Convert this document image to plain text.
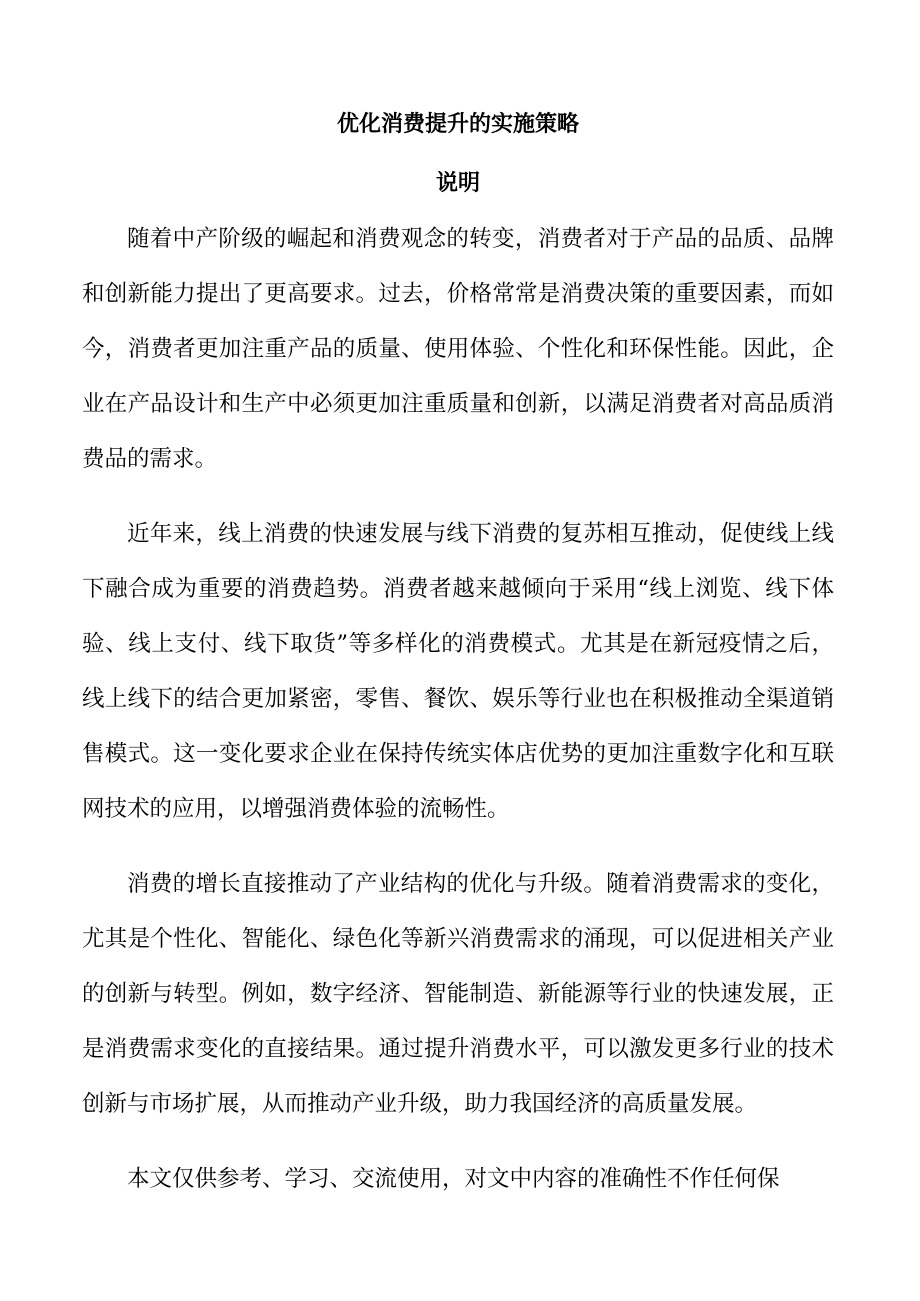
优化消费提升的实施策略
说明

随着中产阶级的崛起和消费观念的转变，消费者对于产品的品质、品牌和创新能力提出了更高要求。过去，价格常常是消费决策的重要因素，而如今，消费者更加注重产品的质量、使用体验、个性化和环保性能。因此，企业在产品设计和生产中必须更加注重质量和创新，以满足消费者对高品质消费品的需求。

近年来，线上消费的快速发展与线下消费的复苏相互推动，促使线上线下融合成为重要的消费趋势。消费者越来越倾向于采用“线上浏览、线下体验、线上支付、线下取货”等多样化的消费模式。尤其是在新冠疫情之后，线上线下的结合更加紧密，零售、餐饮、娱乐等行业也在积极推动全渠道销售模式。这一变化要求企业在保持传统实体店优势的更加注重数字化和互联网技术的应用，以增强消费体验的流畅性。

消费的增长直接推动了产业结构的优化与升级。随着消费需求的变化，尤其是个性化、智能化、绿色化等新兴消费需求的涌现，可以促进相关产业的创新与转型。例如，数字经济、智能制造、新能源等行业的快速发展，正是消费需求变化的直接结果。通过提升消费水平，可以激发更多行业的技术创新与市场扩展，从而推动产业升级，助力我国经济的高质量发展。

本文仅供参考、学习、交流使用，对文中内容的准确性不作任何保
